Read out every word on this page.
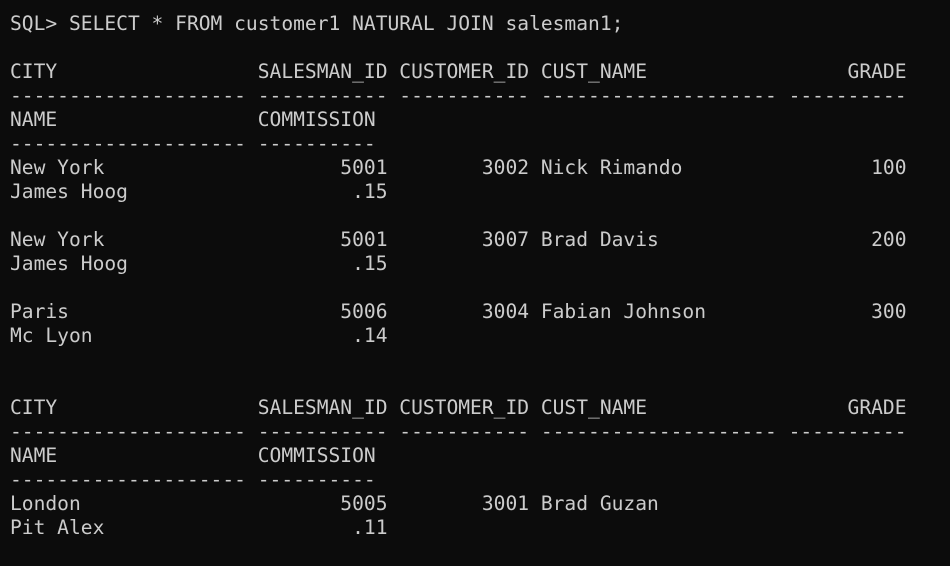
SQL> SELECT * FROM customer1 NATURAL JOIN salesman1;
CITY                 SALESMAN_ID CUSTOMER_ID CUST_NAME                 GRADE
-------------------- ----------- ----------- -------------------- ----------
NAME                 COMMISSION
-------------------- ----------
New York                    5001        3002 Nick Rimando                100
James Hoog                   .15
New York                    5001        3007 Brad Davis                  200
James Hoog                   .15
Paris                       5006        3004 Fabian Johnson              300
Mc Lyon                      .14
CITY                 SALESMAN_ID CUSTOMER_ID CUST_NAME                 GRADE
-------------------- ----------- ----------- -------------------- ----------
NAME                 COMMISSION
-------------------- ----------
London                      5005        3001 Brad Guzan
Pit Alex                     .11
